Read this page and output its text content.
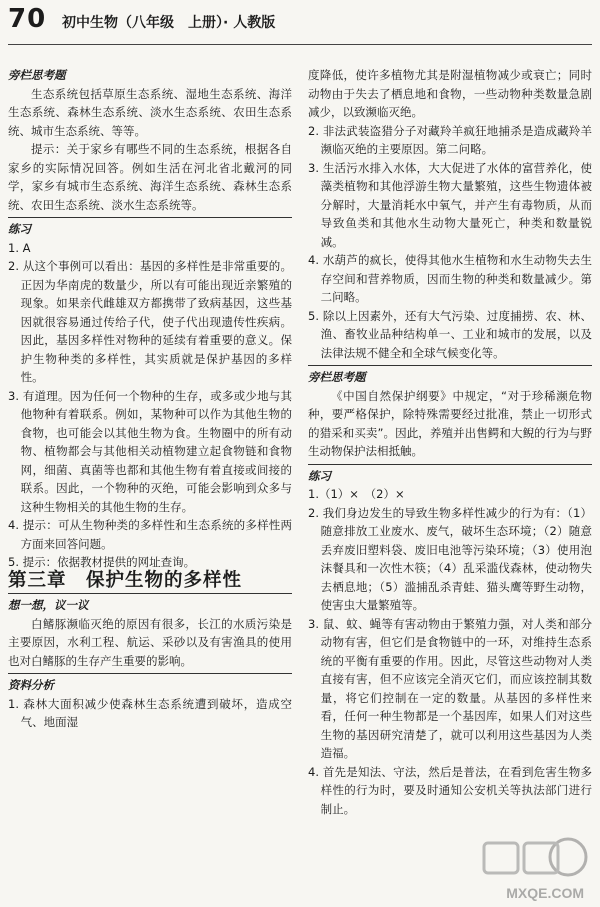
70 初中生物（八年级　上册）· 人教版

旁栏思考题

生态系统包括草原生态系统、湿地生态系统、海洋生态系统、森林生态系统、淡水生态系统、农田生态系统、城市生态系统、等等。

提示：关于家乡有哪些不同的生态系统，根据各自家乡的实际情况回答。例如生活在河北省北戴河的同学，家乡有城市生态系统、海洋生态系统、森林生态系统、农田生态系统、淡水生态系统等。

练习

1. A

2. 从这个事例可以看出：基因的多样性是非常重要的。正因为华南虎的数量少，所以有可能出现近亲繁殖的现象。如果亲代雌雄双方都携带了致病基因，这些基因就很容易通过传给子代，使子代出现遗传性疾病。因此，基因多样性对物种的延续有着重要的意义。保护生物种类的多样性，其实质就是保护基因的多样性。

3. 有道理。因为任何一个物种的生存，或多或少地与其他物种有着联系。例如，某物种可以作为其他生物的食物，也可能会以其他生物为食。生物圈中的所有动物、植物都会与其他相关动植物建立起食物链和食物网，细菌、真菌等也都和其他生物有着直接或间接的联系。因此，一个物种的灭绝，可能会影响到众多与这种生物相关的其他生物的生存。

4. 提示：可从生物种类的多样性和生态系统的多样性两方面来回答问题。

5. 提示：依据教材提供的网址查询。

第三章　保护生物的多样性

想一想，议一议

白鳍豚濒临灭绝的原因有很多，长江的水质污染是主要原因，水利工程、航运、采砂以及有害渔具的使用也对白鳍豚的生存产生重要的影响。

资料分析

1. 森林大面积减少使森林生态系统遭到破坏，造成空气、地面湿

度降低，使许多植物尤其是附湿植物减少或衰亡；同时动物由于失去了栖息地和食物，一些动物种类数量急剧减少，以致濒临灭绝。

2. 非法武装盗猎分子对藏羚羊疯狂地捕杀是造成藏羚羊濒临灭绝的主要原因。第二问略。

3. 生活污水排入水体，大大促进了水体的富营养化，使藻类植物和其他浮游生物大量繁殖，这些生物遗体被分解时，大量消耗水中氧气，并产生有毒物质，从而导致鱼类和其他水生动物大量死亡，种类和数量锐减。

4. 水葫芦的疯长，使得其他水生植物和水生动物失去生存空间和营养物质，因而生物的种类和数量减少。第二问略。

5. 除以上因素外，还有大气污染、过度捕捞、农、林、渔、畜牧业品种结构单一、工业和城市的发展，以及法律法规不健全和全球气候变化等。

旁栏思考题

《中国自然保护纲要》中规定，“对于珍稀濒危物种，要严格保护，除特殊需要经过批准，禁止一切形式的猎采和买卖”。因此，养殖并出售鳄和大鲵的行为与野生动物保护法相抵触。

练习

1.（1）×　（2）×

2. 我们身边发生的导致生物多样性减少的行为有：（1）随意排放工业废水、废气，破坏生态环境；（2）随意丢弃废旧塑料袋、废旧电池等污染环境；（3）使用泡沫餐具和一次性木筷；（4）乱采滥伐森林，使动物失去栖息地；（5）滥捕乱杀青蛙、猫头鹰等野生动物，使害虫大量繁殖等。

3. 鼠、蚊、蝇等有害动物由于繁殖力强，对人类和部分动物有害，但它们是食物链中的一环，对维持生态系统的平衡有重要的作用。因此，尽管这些动物对人类直接有害，但不应该完全消灭它们，而应该控制其数量，将它们控制在一定的数量。从基因的多样性来看，任何一种生物都是一个基因库，如果人们对这些生物的基因研究清楚了，就可以利用这些基因为人类造福。

4. 首先是知法、守法，然后是普法，在看到危害生物多样性的行为时，要及时通知公安机关等执法部门进行制止。

MXQE.COM
